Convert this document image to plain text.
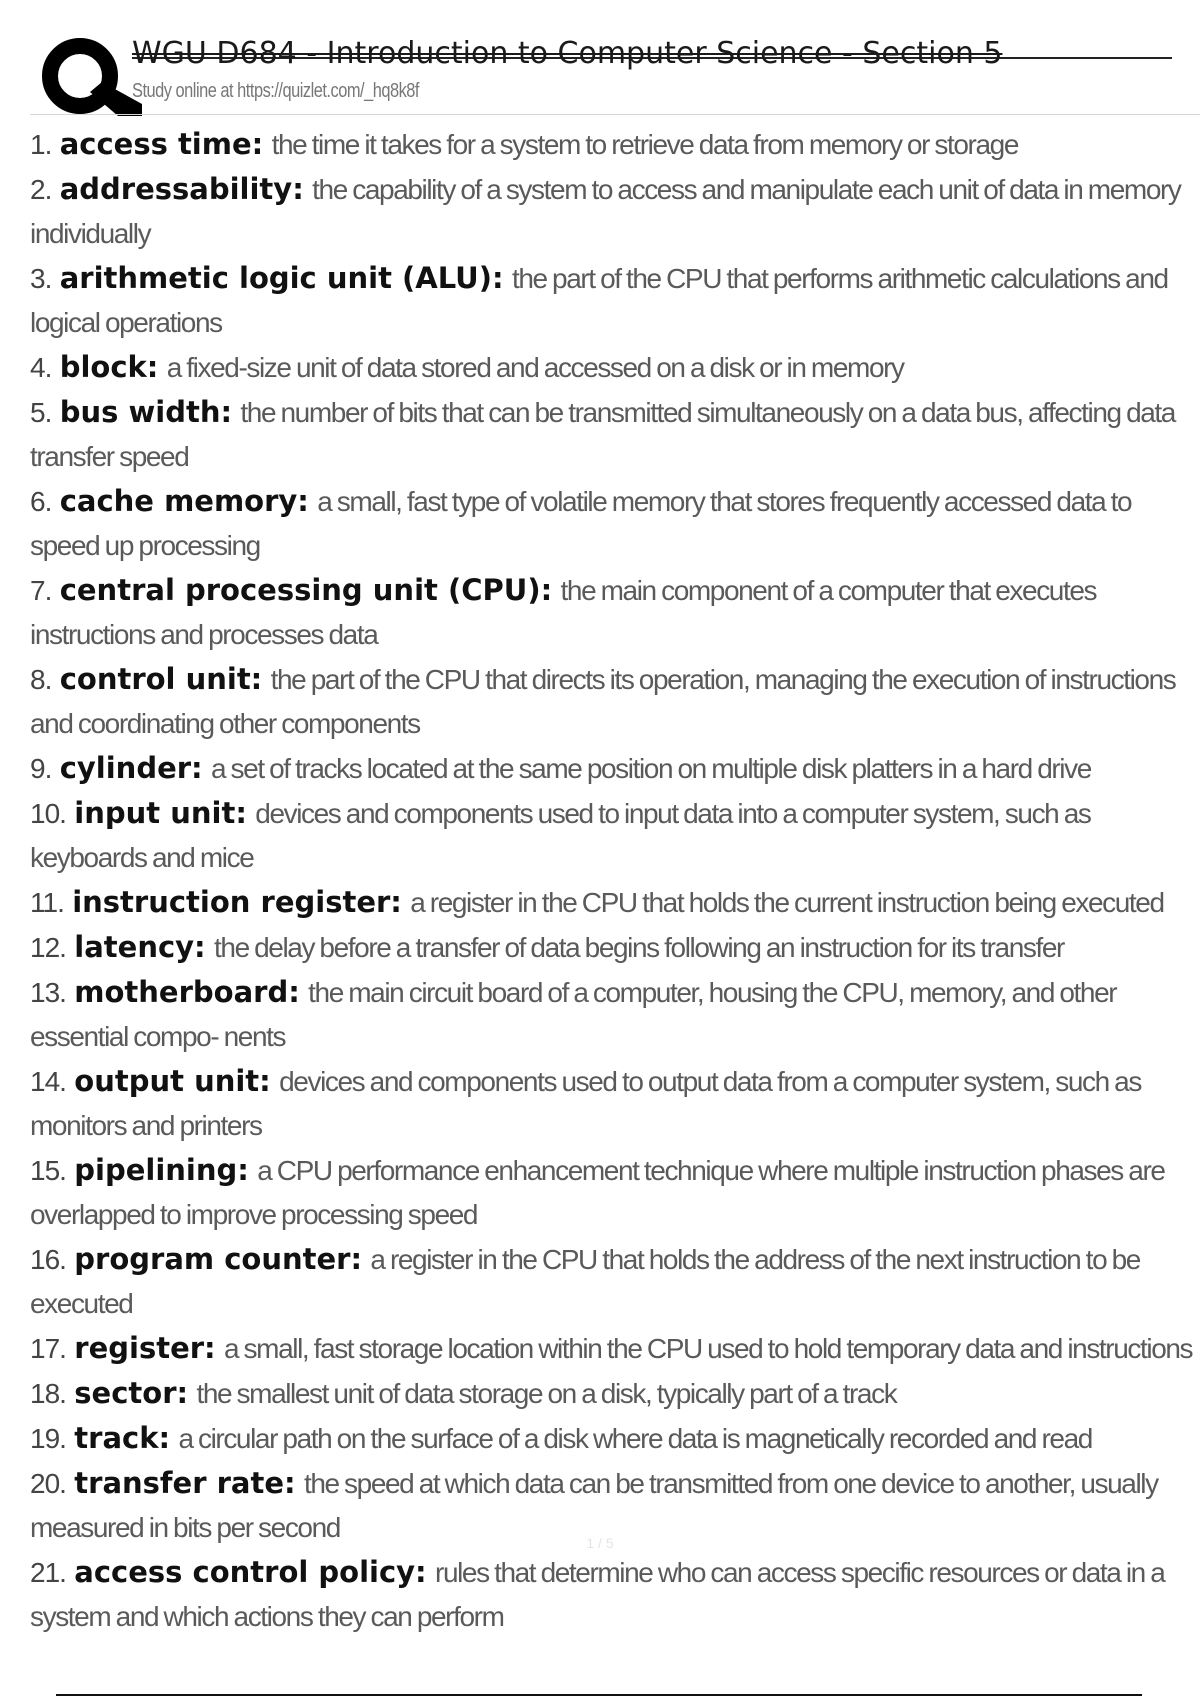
WGU D684 - Introduction to Computer Science - Section 5
Study online at https://quizlet.com/_hq8k8f
1. access time: the time it takes for a system to retrieve data from memory or storage
2. addressability: the capability of a system to access and manipulate each unit of data in memory individually
3. arithmetic logic unit (ALU): the part of the CPU that performs arithmetic calculations and logical operations
4. block: a fixed-size unit of data stored and accessed on a disk or in memory
5. bus width: the number of bits that can be transmitted simultaneously on a data bus, affecting data transfer speed
6. cache memory: a small, fast type of volatile memory that stores frequently accessed data to speed up processing
7. central processing unit (CPU): the main component of a computer that executes instructions and processes data
8. control unit: the part of the CPU that directs its operation, managing the execution of instructions and coordinating other components
9. cylinder: a set of tracks located at the same position on multiple disk platters in a hard drive
10. input unit: devices and components used to input data into a computer system, such as keyboards and mice
11. instruction register: a register in the CPU that holds the current instruction being executed
12. latency: the delay before a transfer of data begins following an instruction for its transfer
13. motherboard: the main circuit board of a computer, housing the CPU, memory, and other essential compo- nents
14. output unit: devices and components used to output data from a computer system, such as monitors and printers
15. pipelining: a CPU performance enhancement technique where multiple instruction phases are overlapped to improve processing speed
16. program counter: a register in the CPU that holds the address of the next instruction to be executed
17. register: a small, fast storage location within the CPU used to hold temporary data and instructions
18. sector: the smallest unit of data storage on a disk, typically part of a track
19. track: a circular path on the surface of a disk where data is magnetically recorded and read
20. transfer rate: the speed at which data can be transmitted from one device to another, usually measured in bits per second
21. access control policy: rules that determine who can access specific resources or data in a system and which actions they can perform
1 / 5
